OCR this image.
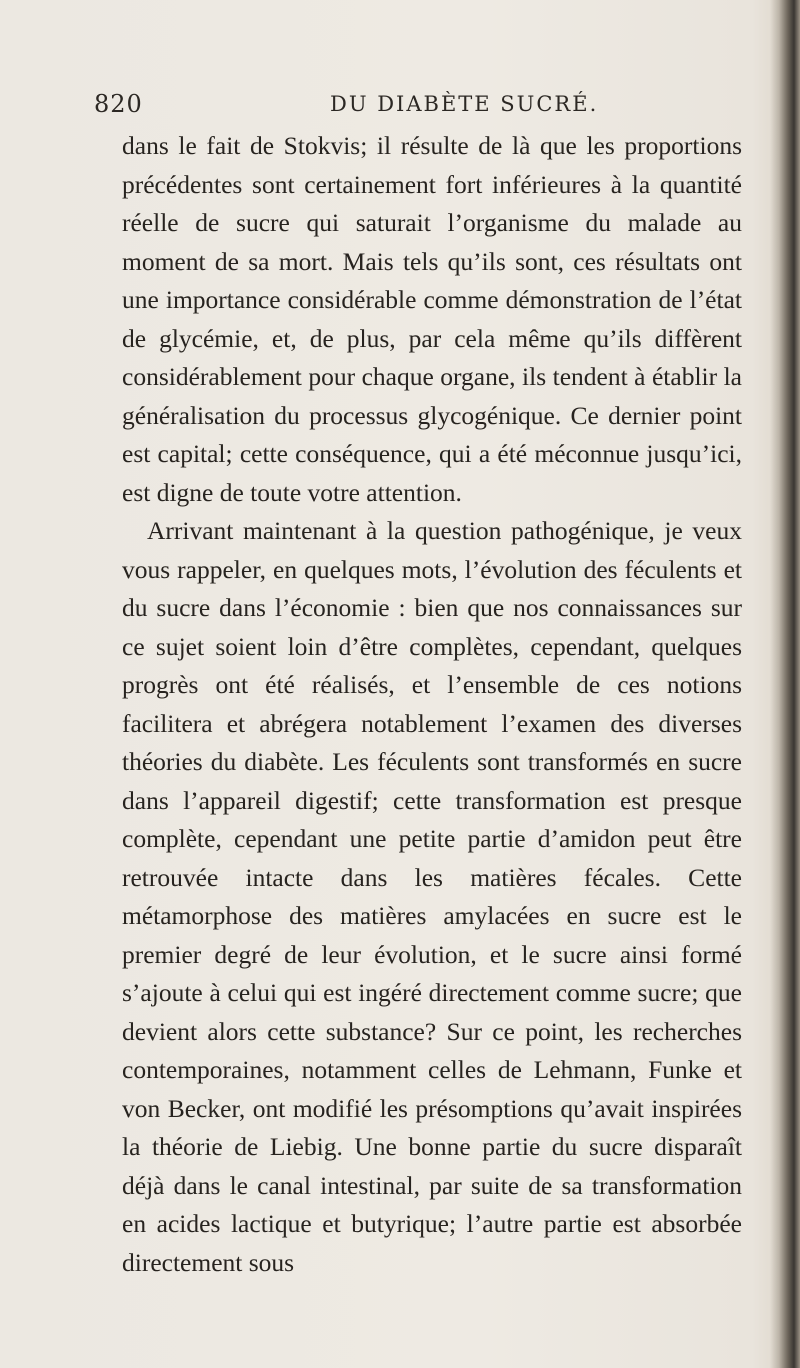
820	DU DIABÈTE SUCRÉ.

dans le fait de Stokvis; il résulte de là que les proportions précédentes sont certainement fort inférieures à la quantité réelle de sucre qui saturait l’organisme du malade au moment de sa mort. Mais tels qu’ils sont, ces résultats ont une importance considérable comme démonstration de l’état de glycémie, et, de plus, par cela même qu’ils diffèrent considérablement pour chaque organe, ils tendent à établir la généralisation du processus glycogénique. Ce dernier point est capital; cette conséquence, qui a été méconnue jusqu’ici, est digne de toute votre attention.

Arrivant maintenant à la question pathogénique, je veux vous rappeler, en quelques mots, l’évolution des féculents et du sucre dans l’économie : bien que nos connaissances sur ce sujet soient loin d’être complètes, cependant, quelques progrès ont été réalisés, et l’ensemble de ces notions facilitera et abrégera notablement l’examen des diverses théories du diabète. Les féculents sont transformés en sucre dans l’appareil digestif; cette transformation est presque complète, cependant une petite partie d’amidon peut être retrouvée intacte dans les matières fécales. Cette métamorphose des matières amylacées en sucre est le premier degré de leur évolution, et le sucre ainsi formé s’ajoute à celui qui est ingéré directement comme sucre; que devient alors cette substance? Sur ce point, les recherches contemporaines, notamment celles de Lehmann, Funke et von Becker, ont modifié les présomptions qu’avait inspirées la théorie de Liebig. Une bonne partie du sucre disparaît déjà dans le canal intestinal, par suite de sa transformation en acides lactique et butyrique; l’autre partie est absorbée directement sous
